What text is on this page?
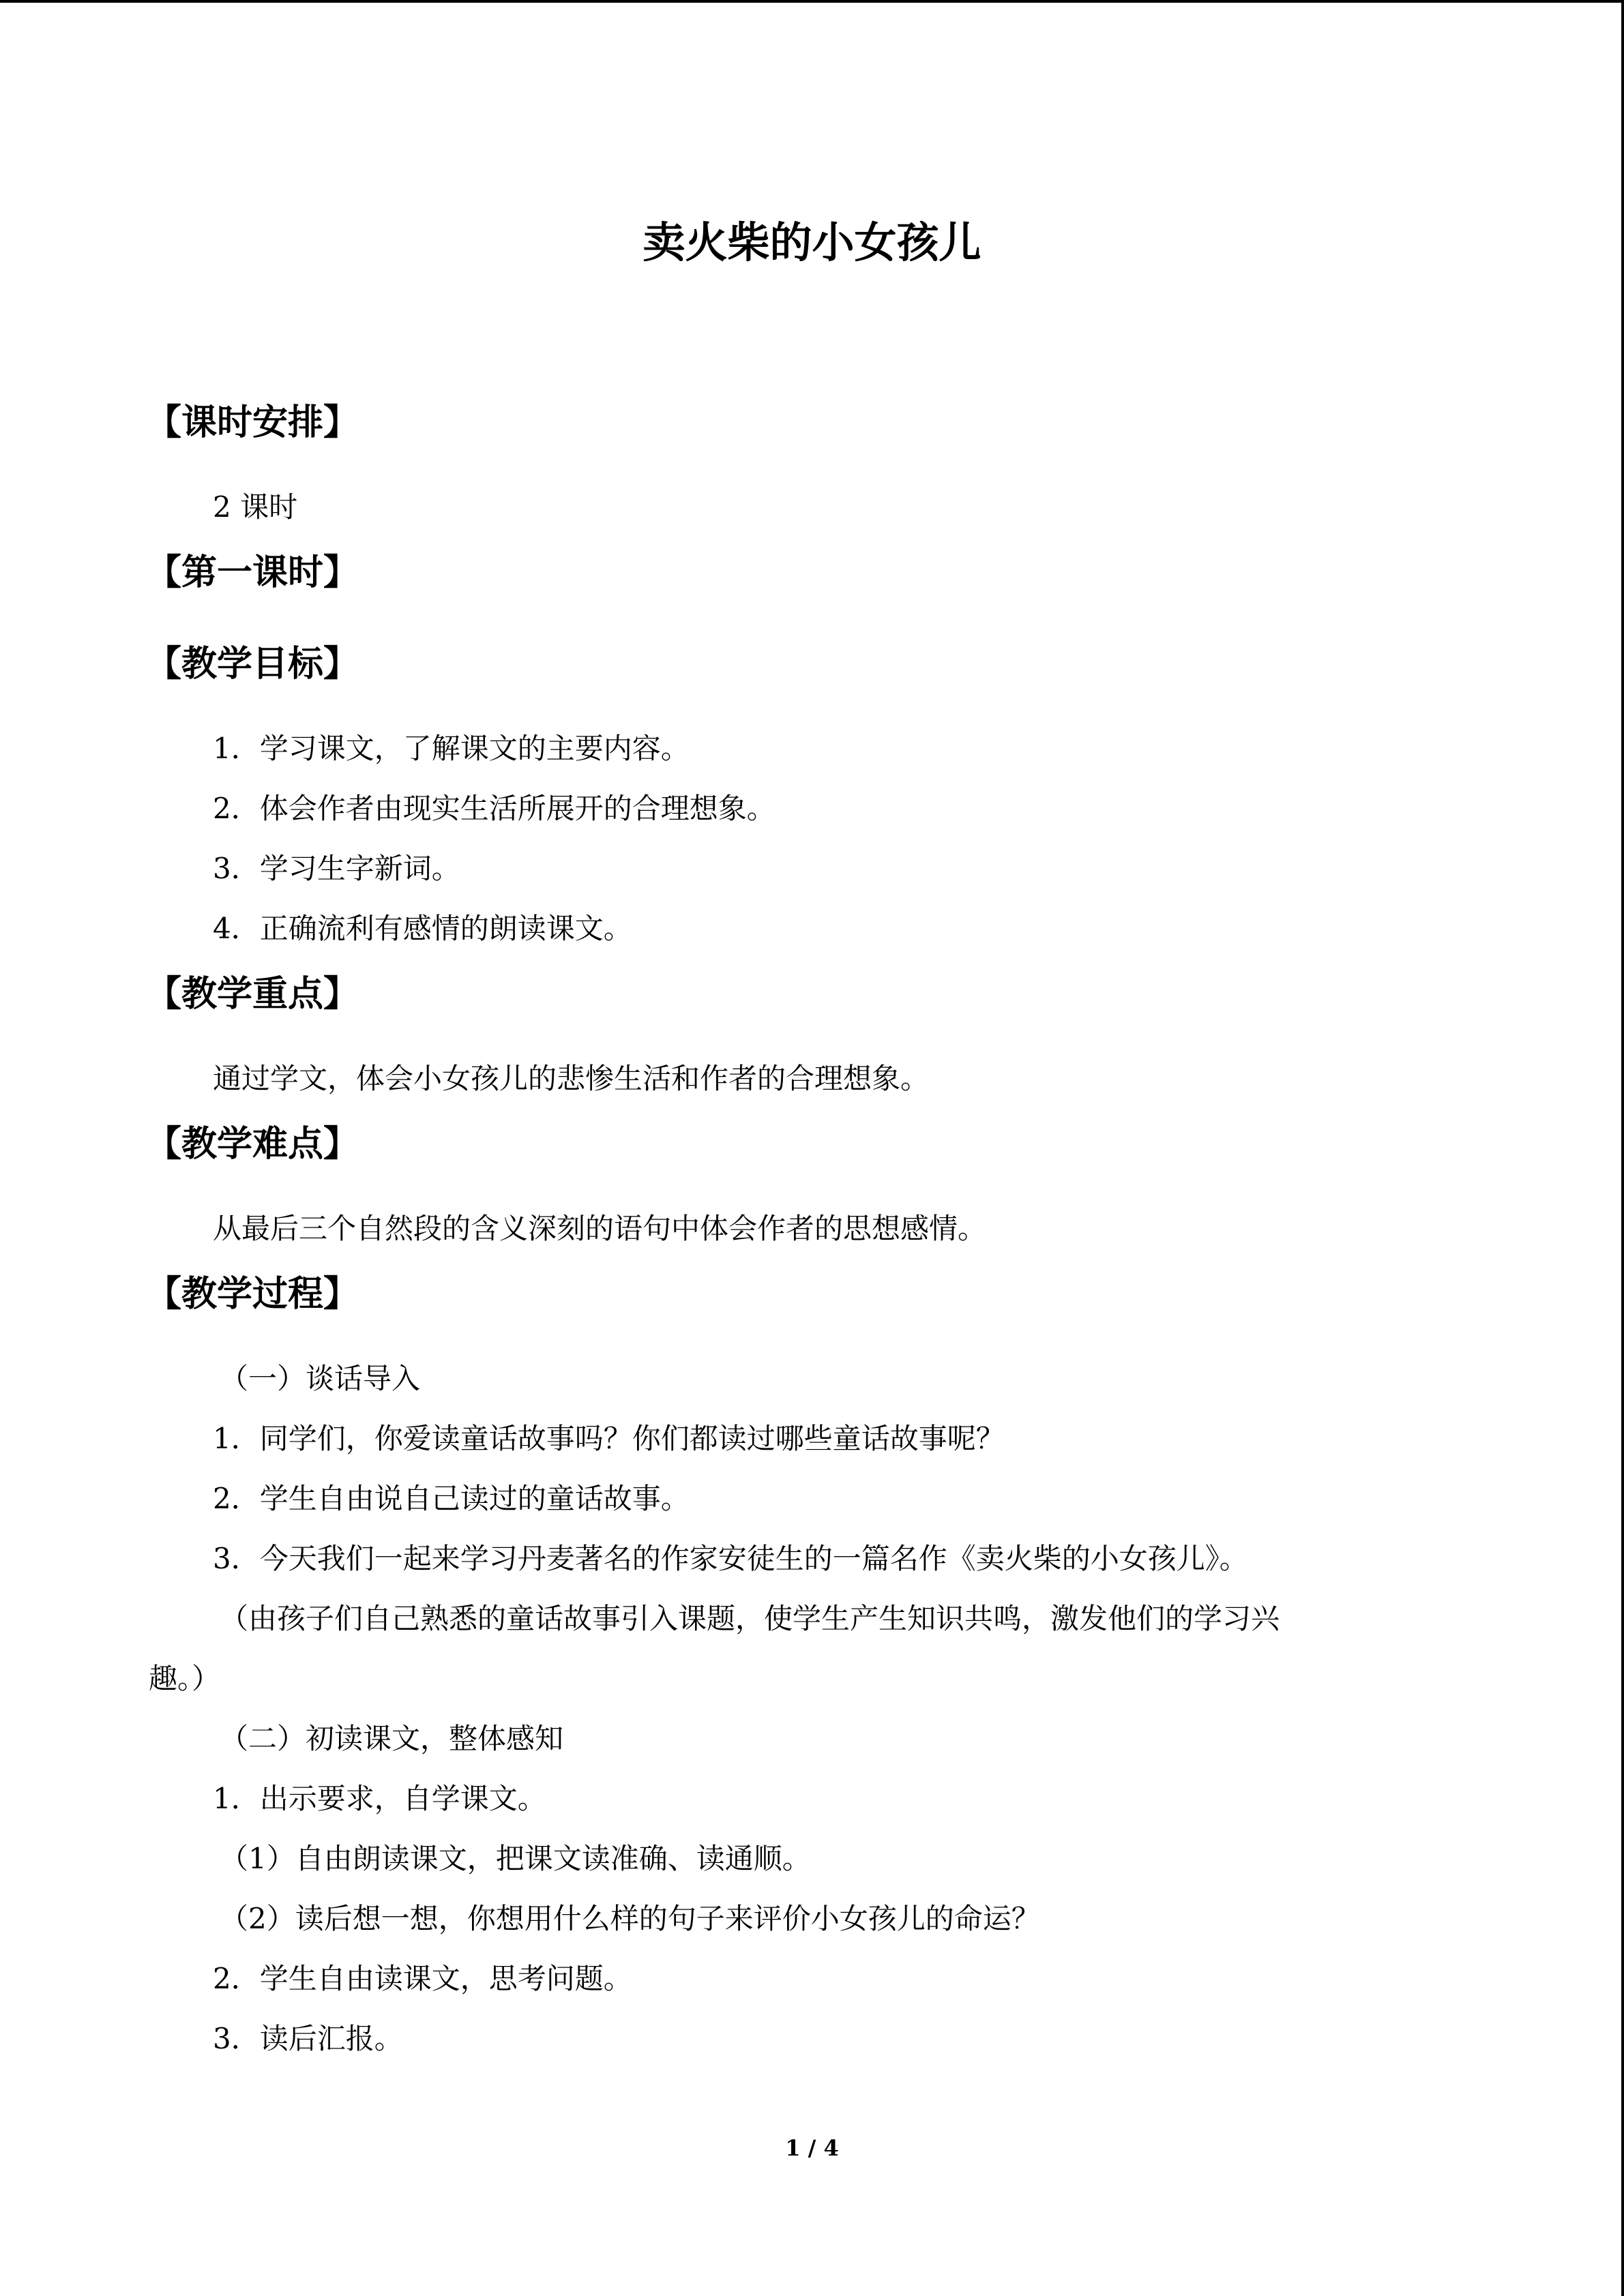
卖火柴的小女孩儿
【课时安排】
2 课时
【第一课时】
【教学目标】
1．学习课文，了解课文的主要内容。
2．体会作者由现实生活所展开的合理想象。
3．学习生字新词。
4．正确流利有感情的朗读课文。
【教学重点】
通过学文，体会小女孩儿的悲惨生活和作者的合理想象。
【教学难点】
从最后三个自然段的含义深刻的语句中体会作者的思想感情。
【教学过程】
（一）谈话导入
1．同学们，你爱读童话故事吗？你们都读过哪些童话故事呢？
2．学生自由说自己读过的童话故事。
3．今天我们一起来学习丹麦著名的作家安徒生的一篇名作《卖火柴的小女孩儿》。
（由孩子们自己熟悉的童话故事引入课题，使学生产生知识共鸣，激发他们的学习兴
趣。）
（二）初读课文，整体感知
1．出示要求，自学课文。
（1）自由朗读课文，把课文读准确、读通顺。
（2）读后想一想，你想用什么样的句子来评价小女孩儿的命运？
2．学生自由读课文，思考问题。
3．读后汇报。
1 / 4
